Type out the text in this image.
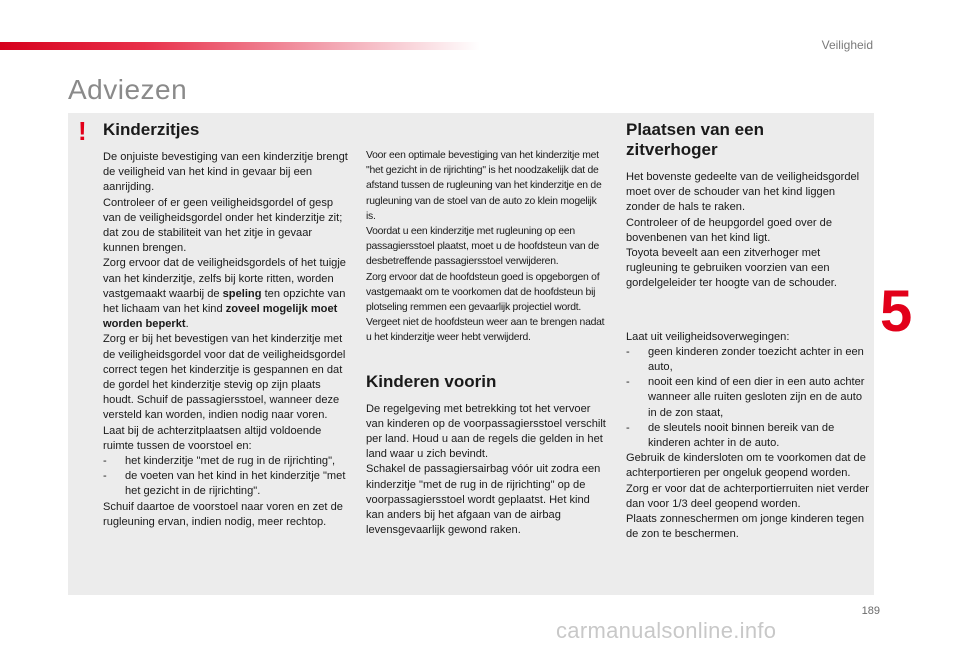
Veiligheid
Adviezen
! Kinderzitjes

De onjuiste bevestiging van een kinderzitje brengt de veiligheid van het kind in gevaar bij een aanrijding.

Controleer of er geen veiligheidsgordel of gesp van de veiligheidsgordel onder het kinderzitje zit; dat zou de stabiliteit van het zitje in gevaar kunnen brengen.

Zorg ervoor dat de veiligheidsgordels of het tuigje van het kinderzitje, zelfs bij korte ritten, worden vastgemaakt waarbij de speling ten opzichte van het lichaam van het kind zoveel mogelijk moet worden beperkt.

Zorg er bij het bevestigen van het kinderzitje met de veiligheidsgordel voor dat de veiligheidsgordel correct tegen het kinderzitje is gespannen en dat de gordel het kinderzitje stevig op zijn plaats houdt. Schuif de passagiersstoel, wanneer deze versteld kan worden, indien nodig naar voren.

Laat bij de achterzitplaatsen altijd voldoende ruimte tussen de voorstoel en:

-	het kinderzitje "met de rug in de rijrichting",
-	de voeten van het kind in het kinderzitje "met het gezicht in de rijrichting".

Schuif daartoe de voorstoel naar voren en zet de rugleuning ervan, indien nodig, meer rechtop.

Voor een optimale bevestiging van het kinderzitje met "het gezicht in de rijrichting" is het noodzakelijk dat de afstand tussen de rugleuning van het kinderzitje en de rugleuning van de stoel van de auto zo klein mogelijk is.

Voordat u een kinderzitje met rugleuning op een passagiersstoel plaatst, moet u de hoofdsteun van de desbetreffende passagiersstoel verwijderen.

Zorg ervoor dat de hoofdsteun goed is opgeborgen of vastgemaakt om te voorkomen dat de hoofdsteun bij plotseling remmen een gevaarlijk projectiel wordt. Vergeet niet de hoofdsteun weer aan te brengen nadat u het kinderzitje weer hebt verwijderd.

Kinderen voorin

De regelgeving met betrekking tot het vervoer van kinderen op de voorpassagiersstoel verschilt per land. Houd u aan de regels die gelden in het land waar u zich bevindt.

Schakel de passagiersairbag vóór uit zodra een kinderzitje "met de rug in de rijrichting" op de voorpassagiersstoel wordt geplaatst. Het kind kan anders bij het afgaan van de airbag levensgevaarlijk gewond raken.

Plaatsen van een zitverhoger

Het bovenste gedeelte van de veiligheidsgordel moet over de schouder van het kind liggen zonder de hals te raken.

Controleer of de heupgordel goed over de bovenbenen van het kind ligt.

Toyota beveelt aan een zitverhoger met rugleuning te gebruiken voorzien van een gordelgeleider ter hoogte van de schouder.

Laat uit veiligheidsoverwegingen:

-	geen kinderen zonder toezicht achter in een auto,
-	nooit een kind of een dier in een auto achter wanneer alle ruiten gesloten zijn en de auto in de zon staat,
-	de sleutels nooit binnen bereik van de kinderen achter in de auto.

Gebruik de kindersloten om te voorkomen dat de achterportieren per ongeluk geopend worden.

Zorg er voor dat de achterportierruiten niet verder dan voor 1/3 deel geopend worden.

Plaats zonneschermen om jonge kinderen tegen de zon te beschermen.

5
189
carmanualsonline.info
